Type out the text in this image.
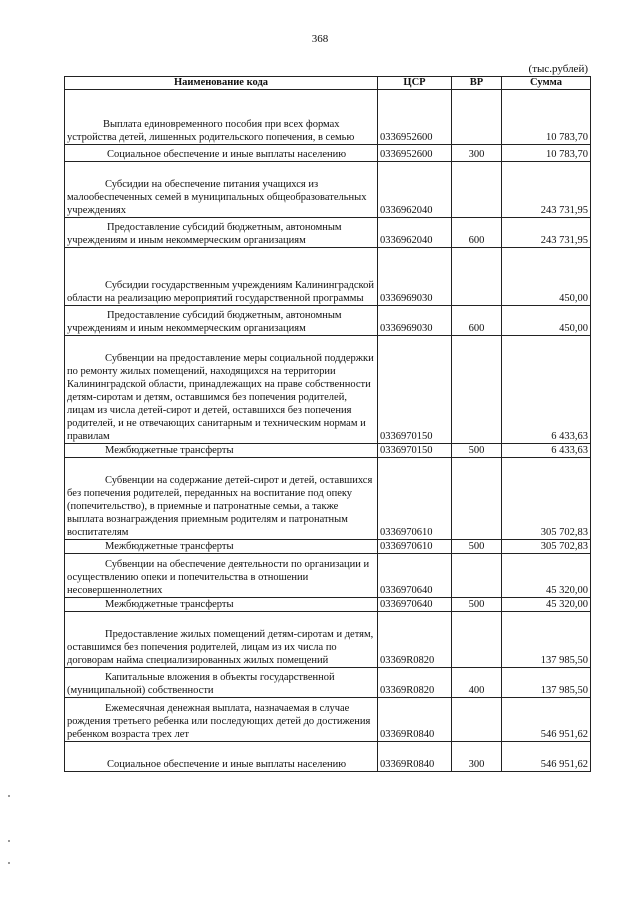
368
(тыс.рублей)
Наименование кода	ЦСР	ВР	Сумма
Выплата единовременного пособия при всех формах устройства детей, лишенных родительского попечения, в семью	0336952600		10 783,70
Социальное обеспечение и иные выплаты населению	0336952600	300	10 783,70
Субсидии на обеспечение питания учащихся из малообеспеченных семей в муниципальных общеобразовательных учреждениях	0336962040		243 731,95
Предоставление субсидий бюджетным, автономным учреждениям и иным некоммерческим организациям	0336962040	600	243 731,95
Субсидии государственным учреждениям Калининградской области на реализацию мероприятий государственной программы	0336969030		450,00
Предоставление субсидий бюджетным, автономным учреждениям и иным некоммерческим организациям	0336969030	600	450,00
Субвенции на предоставление меры социальной поддержки по ремонту жилых помещений, находящихся на территории Калининградской области, принадлежащих на праве собственности детям-сиротам и детям, оставшимся без попечения родителей, лицам из числа детей-сирот и детей, оставшихся без попечения родителей, и не отвечающих санитарным и техническим нормам и правилам	0336970150		6 433,63
Межбюджетные трансферты	0336970150	500	6 433,63
Субвенции на содержание детей-сирот и детей, оставшихся без попечения родителей, переданных на воспитание под опеку (попечительство), в приемные и патронатные семьи, а также выплата вознаграждения приемным родителям и патронатным воспитателям	0336970610		305 702,83
Межбюджетные трансферты	0336970610	500	305 702,83
Субвенции на обеспечение деятельности по организации и осуществлению опеки и попечительства в отношении несовершеннолетних	0336970640		45 320,00
Межбюджетные трансферты	0336970640	500	45 320,00
Предоставление жилых помещений детям-сиротам и детям, оставшимся без попечения родителей, лицам из их числа по договорам найма специализированных жилых помещений	03369R0820		137 985,50
Капитальные вложения в объекты государственной (муниципальной) собственности	03369R0820	400	137 985,50
Ежемесячная денежная выплата, назначаемая в случае рождения третьего ребенка или последующих детей до достижения ребенком возраста трех лет	03369R0840		546 951,62
Социальное обеспечение и иные выплаты населению	03369R0840	300	546 951,62
